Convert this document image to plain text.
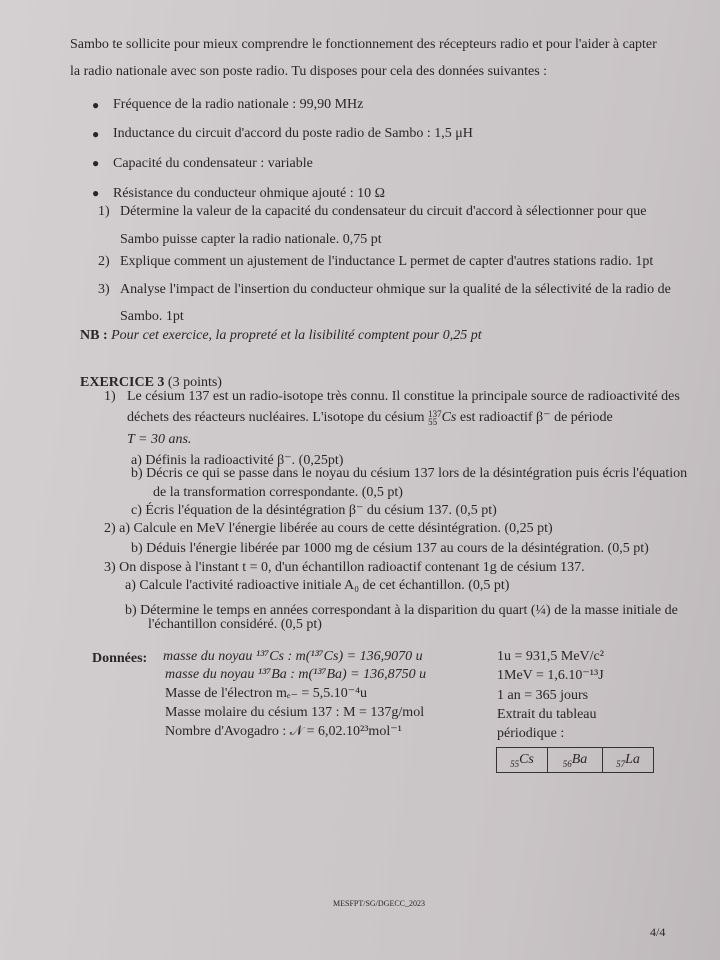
Sambo te sollicite pour mieux comprendre le fonctionnement des récepteurs radio et pour l'aider à capter
la radio nationale avec son poste radio. Tu disposes pour cela des données suivantes :
● Fréquence de la radio nationale : 99,90 MHz
● Inductance du circuit d'accord du poste radio de Sambo : 1,5 μH
● Capacité du condensateur : variable
● Résistance du conducteur ohmique ajouté : 10 Ω
1) Détermine la valeur de la capacité du condensateur du circuit d'accord à sélectionner pour que
Sambo puisse capter la radio nationale. 0,75 pt
2) Explique comment un ajustement de l'inductance L permet de capter d'autres stations radio. 1pt
3) Analyse l'impact de l'insertion du conducteur ohmique sur la qualité de la sélectivité de la radio de
Sambo. 1pt
NB : Pour cet exercice, la propreté et la lisibilité comptent pour 0,25 pt
EXERCICE 3 (3 points)
1) Le césium 137 est un radio-isotope très connu. Il constitue la principale source de radioactivité des
déchets des réacteurs nucléaires. L'isotope du césium 137
55 Cs est radioactif β⁻ de période
T = 30 ans.
a) Définis la radioactivité β⁻. (0,25pt)
b) Décris ce qui se passe dans le noyau du césium 137 lors de la désintégration puis écris l'équation
de la transformation correspondante. (0,5 pt)
c) Écris l'équation de la désintégration β⁻ du césium 137. (0,5 pt)
2) a) Calcule en MeV l'énergie libérée au cours de cette désintégration. (0,25 pt)
b) Déduis l'énergie libérée par 1000 mg de césium 137 au cours de la désintégration. (0,5 pt)
3) On dispose à l'instant t = 0, d'un échantillon radioactif contenant 1g de césium 137.
a) Calcule l'activité radioactive initiale A₀ de cet échantillon. (0,5 pt)
b) Détermine le temps en années correspondant à la disparition du quart (¼) de la masse initiale de
l'échantillon considéré. (0,5 pt)
Données: masse du noyau ¹³⁷Cs : m(¹³⁷Cs) = 136,9070 u
masse du noyau ¹³⁷Ba : m(¹³⁷Ba) = 136,8750 u
Masse de l'électron mₑ₋ = 5,5.10⁻⁴u
Masse molaire du césium 137 : M = 137g/mol
Nombre d'Avogadro : 𝒩 = 6,02.10²³mol⁻¹
1u = 931,5 MeV/c²
1MeV = 1,6.10⁻¹³J
1 an = 365 jours
Extrait du tableau
périodique :
$_{55}$Cs	$_{56}$Ba	$_{57}$La
MESFPT/SG/DGECC_2023
4/4
